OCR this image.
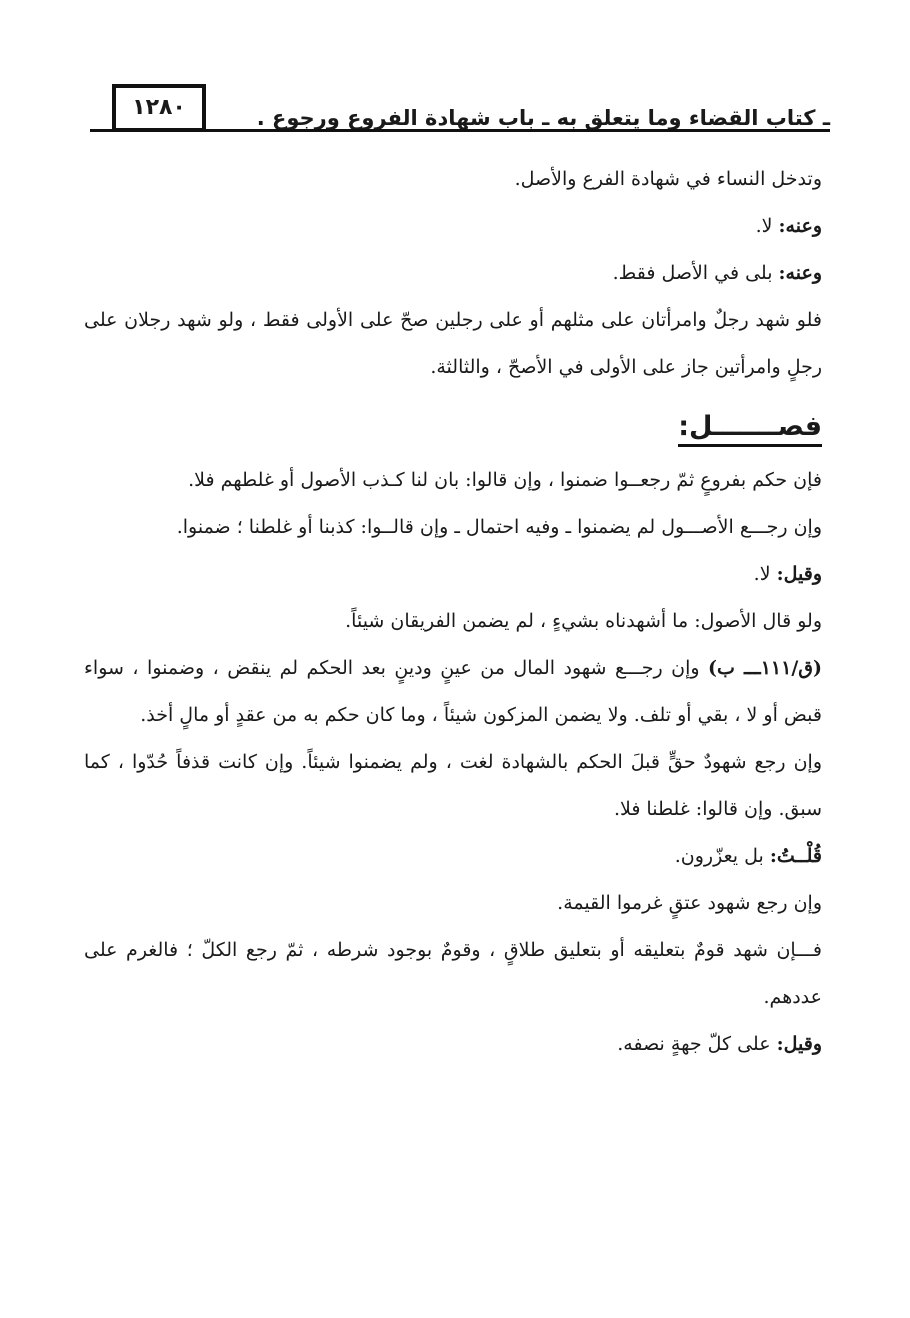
ـ كتاب القضاء وما يتعلق به ـ باب شهادة الفروع ورجوع .
١٢٨٠

وتدخل النساء في شهادة الفرع والأصل.

وعنه: لا.

وعنه: بلى في الأصل فقط.

فلو شهد رجلٌ وامرأتان على مثلهم أو على رجلين صحّ على الأولى فقط ، ولو شهد رجلان على رجلٍ وامرأتين جاز على الأولى في الأصحّ ، والثالثة.

فصـــــــل:

فإن حكم بفروعٍ ثمّ رجعــوا ضمنوا ، وإن قالوا: بان لنا كـذب الأصول أو غلطهم فلا.

وإن رجـــع الأصـــول لم يضمنوا ـ وفيه احتمال ـ وإن قالــوا: كذبنا أو غلطنا ؛ ضمنوا.

وقيل: لا.

ولو قال الأصول: ما أشهدناه بشيءٍ ، لم يضمن الفريقان شيئاً.

(ق/١١١ـــ ب) وإن رجـــع شهود المال من عينٍ ودينٍ بعد الحكم لم ينقض ، وضمنوا ، سواء قبض أو لا ، بقي أو تلف. ولا يضمن المزكون شيئاً ، وما كان حكم به من عقدٍ أو مالٍ أخذ.

وإن رجع شهودٌ حقٍّ قبلَ الحكم بالشهادة لغت ، ولم يضمنوا شيئاً. وإن كانت قذفاً حُدّوا ، كما سبق. وإن قالوا: غلطنا فلا.

قُلْــتُ: بل يعزّرون.

وإن رجع شهود عتقٍ غرموا القيمة.

فـــإن شهد قومٌ بتعليقه أو بتعليق طلاقٍ ، وقومٌ بوجود شرطه ، ثمّ رجع الكلّ ؛ فالغرم على عددهم.

وقيل: على كلّ جهةٍ نصفه.
